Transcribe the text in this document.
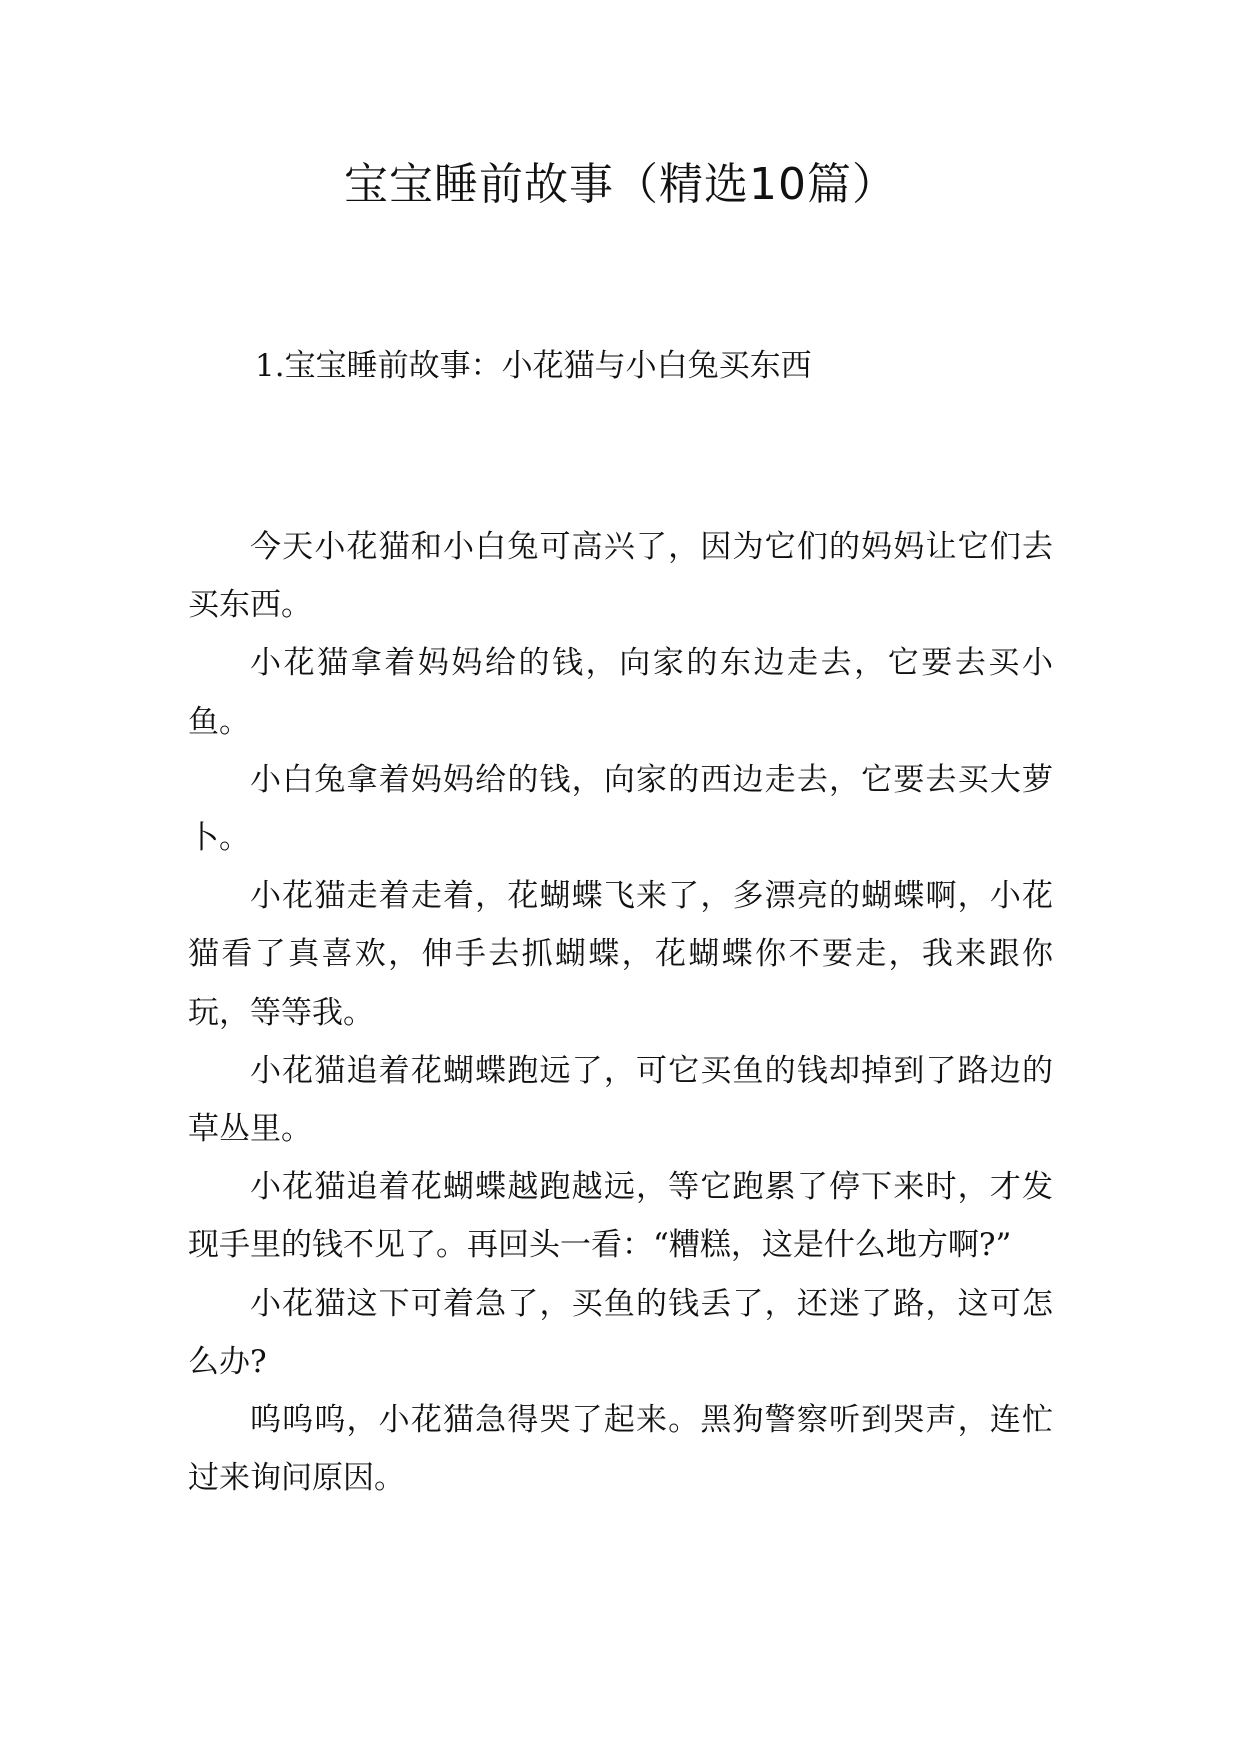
宝宝睡前故事（精选10篇）
1.宝宝睡前故事：小花猫与小白兔买东西

今天小花猫和小白兔可高兴了，因为它们的妈妈让它们去买东西。

小花猫拿着妈妈给的钱，向家的东边走去，它要去买小鱼。

小白兔拿着妈妈给的钱，向家的西边走去，它要去买大萝卜。

小花猫走着走着，花蝴蝶飞来了，多漂亮的蝴蝶啊，小花猫看了真喜欢，伸手去抓蝴蝶，花蝴蝶你不要走，我来跟你玩，等等我。

小花猫追着花蝴蝶跑远了，可它买鱼的钱却掉到了路边的草丛里。

小花猫追着花蝴蝶越跑越远，等它跑累了停下来时，才发现手里的钱不见了。再回头一看：“糟糕，这是什么地方啊?”

小花猫这下可着急了，买鱼的钱丢了，还迷了路，这可怎么办?

呜呜呜，小花猫急得哭了起来。黑狗警察听到哭声，连忙过来询问原因。
